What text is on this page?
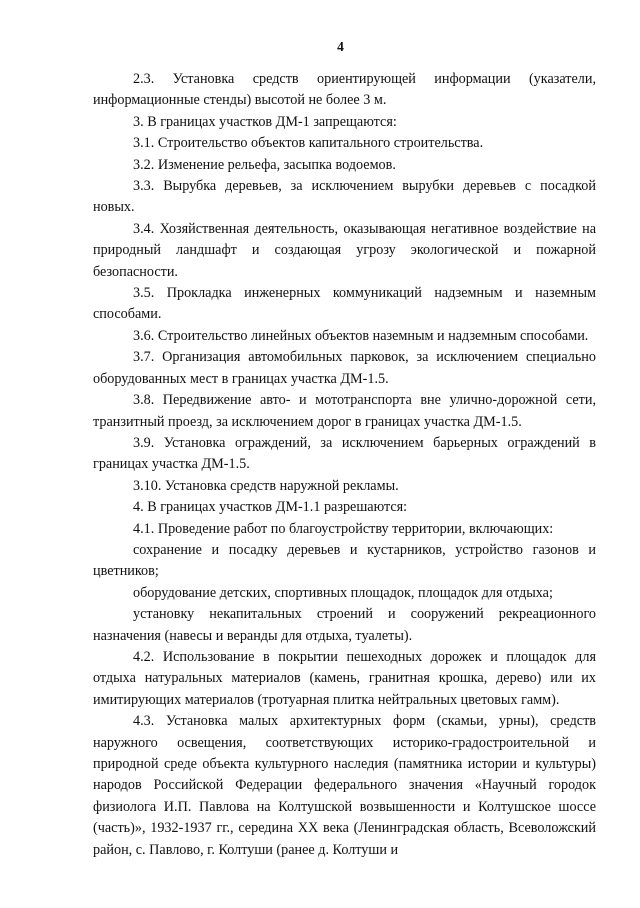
4

2.3. Установка средств ориентирующей информации (указатели, информационные стенды) высотой не более 3 м.

3. В границах участков ДМ-1 запрещаются:

3.1. Строительство объектов капитального строительства.

3.2. Изменение рельефа, засыпка водоемов.

3.3. Вырубка деревьев, за исключением вырубки деревьев с посадкой новых.

3.4. Хозяйственная деятельность, оказывающая негативное воздействие на природный ландшафт и создающая угрозу экологической и пожарной безопасности.

3.5. Прокладка инженерных коммуникаций надземным и наземным способами.

3.6. Строительство линейных объектов наземным и надземным способами.

3.7. Организация автомобильных парковок, за исключением специально оборудованных мест в границах участка ДМ-1.5.

3.8. Передвижение авто- и мототранспорта вне улично-дорожной сети, транзитный проезд, за исключением дорог в границах участка ДМ-1.5.

3.9. Установка ограждений, за исключением барьерных ограждений в границах участка ДМ-1.5.

3.10. Установка средств наружной рекламы.

4. В границах участков ДМ-1.1 разрешаются:

4.1. Проведение работ по благоустройству территории, включающих:

сохранение и посадку деревьев и кустарников, устройство газонов и цветников;

оборудование детских, спортивных площадок, площадок для отдыха;

установку некапитальных строений и сооружений рекреационного назначения (навесы и веранды для отдыха, туалеты).

4.2. Использование в покрытии пешеходных дорожек и площадок для отдыха натуральных материалов (камень, гранитная крошка, дерево) или их имитирующих материалов (тротуарная плитка нейтральных цветовых гамм).

4.3. Установка малых архитектурных форм (скамьи, урны), средств наружного освещения, соответствующих историко-градостроительной и природной среде объекта культурного наследия (памятника истории и культуры) народов Российской Федерации федерального значения «Научный городок физиолога И.П. Павлова на Колтушской возвышенности и Колтушское шоссе (часть)», 1932-1937 гг., середина XX века (Ленинградская область, Всеволожский район, с. Павлово, г. Колтуши (ранее д. Колтуши и
